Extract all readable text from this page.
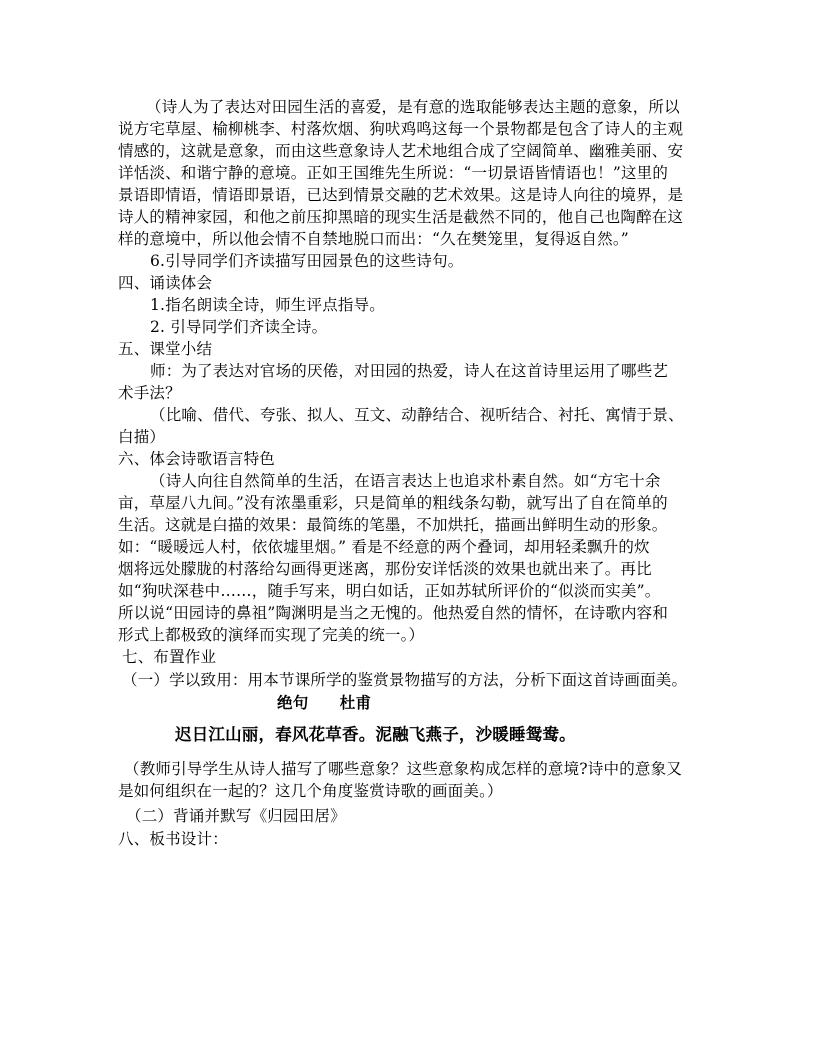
（诗人为了表达对田园生活的喜爱，是有意的选取能够表达主题的意象，所以
说方宅草屋、榆柳桃李、村落炊烟、狗吠鸡鸣这每一个景物都是包含了诗人的主观
情感的，这就是意象，而由这些意象诗人艺术地组合成了空阔简单、幽雅美丽、安
详恬淡、和谐宁静的意境。正如王国维先生所说：“一切景语皆情语也！”这里的
景语即情语，情语即景语，已达到情景交融的艺术效果。这是诗人向往的境界，是
诗人的精神家园，和他之前压抑黑暗的现实生活是截然不同的，他自己也陶醉在这
样的意境中，所以他会情不自禁地脱口而出：“久在樊笼里，复得返自然。”
6.引导同学们齐读描写田园景色的这些诗句。
四、诵读体会
1.指名朗读全诗，师生评点指导。
2. 引导同学们齐读全诗。
五、课堂小结
师：为了表达对官场的厌倦，对田园的热爱，诗人在这首诗里运用了哪些艺
术手法？
（比喻、借代、夸张、拟人、互文、动静结合、视听结合、衬托、寓情于景、
白描）
六、体会诗歌语言特色
（诗人向往自然简单的生活，在语言表达上也追求朴素自然。如“方宅十余
亩，草屋八九间。”没有浓墨重彩，只是简单的粗线条勾勒，就写出了自在简单的
生活。这就是白描的效果：最简练的笔墨，不加烘托，描画出鲜明生动的形象。
如：“暖暖远人村，依依墟里烟。” 看是不经意的两个叠词，却用轻柔飘升的炊
烟将远处朦胧的村落给勾画得更迷离，那份安详恬淡的效果也就出来了。再比
如“狗吠深巷中……，随手写来，明白如话，正如苏轼所评价的“似淡而实美”。
所以说“田园诗的鼻祖”陶渊明是当之无愧的。他热爱自然的情怀，在诗歌内容和
形式上都极致的演绎而实现了完美的统一。）
七、布置作业
（一）学以致用：用本节课所学的鉴赏景物描写的方法，分析下面这首诗画面美。
绝句　　杜甫
迟日江山丽，春风花草香。泥融飞燕子，沙暖睡鸳鸯。
（教师引导学生从诗人描写了哪些意象？这些意象构成怎样的意境?诗中的意象又
是如何组织在一起的？这几个角度鉴赏诗歌的画面美。）
（二）背诵并默写《归园田居》
八、板书设计：
